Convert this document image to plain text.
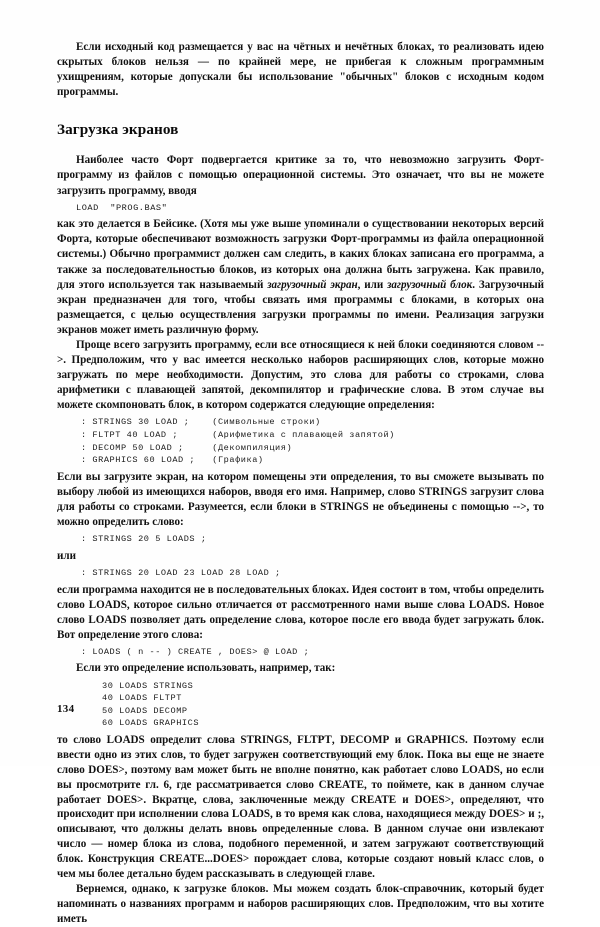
Если исходный код размещается у вас на чётных и нечётных блоках, то реализовать идею скрытых блоков нельзя — по крайней мере, не прибегая к сложным программным ухищрениям, которые допускали бы использование "обычных" блоков с исходным кодом программы.

Загрузка экранов

Наиболее часто Форт подвергается критике за то, что невозможно загрузить Форт-программу из файлов с помощью операционной системы. Это означает, что вы не можете загрузить программу, вводя

LOAD  "PROG.BAS"

как это делается в Бейсике. (Хотя мы уже выше упоминали о существовании некоторых версий Форта, которые обеспечивают возможность загрузки Форт-программы из файла операционной системы.) Обычно программист должен сам следить, в каких блоках записана его программа, а также за последовательностью блоков, из которых она должна быть загружена. Как правило, для этого используется так называемый загрузочный экран, или загрузочный блок. Загрузочный экран предназначен для того, чтобы связать имя программы с блоками, в которых она размещается, с целью осуществления загрузки программы по имени. Реализация загрузки экранов может иметь различную форму.

Проще всего загрузить программу, если все относящиеся к ней блоки соединяются словом -->. Предположим, что у вас имеется несколько наборов расширяющих слов, которые можно загружать по мере необходимости. Допустим, это слова для работы со строками, слова арифметики с плавающей запятой, декомпилятор и графические слова. В этом случае вы можете скомпоновать блок, в котором содержатся следующие определения:

: STRINGS 30 LOAD ;    (Символьные строки)
: FLTPT 40 LOAD ;      (Арифметика с плавающей запятой)
: DECOMP 50 LOAD ;     (Декомпиляция)
: GRAPHICS 60 LOAD ;   (Графика)

Если вы загрузите экран, на котором помещены эти определения, то вы сможете вызывать по выбору любой из имеющихся наборов, вводя его имя. Например, слово STRINGS загрузит слова для работы со строками. Разумеется, если блоки в STRINGS не объединены с помощью -->, то можно определить слово:

: STRINGS 20 5 LOADS ;

или

: STRINGS 20 LOAD 23 LOAD 28 LOAD ;

если программа находится не в последовательных блоках. Идея состоит в том, чтобы определить слово LOADS, которое сильно отличается от рассмотренного нами выше слова LOADS. Новое слово LOADS позволяет дать определение слова, которое после его ввода будет загружать блок. Вот определение этого слова:

: LOADS ( n -- ) CREATE , DOES> @ LOAD ;

Если это определение использовать, например, так:

30 LOADS STRINGS
40 LOADS FLTPT
50 LOADS DECOMP
60 LOADS GRAPHICS

то слово LOADS определит слова STRINGS, FLTPT, DECOMP и GRAPHICS. Поэтому если ввести одно из этих слов, то будет загружен соответствующий ему блок. Пока вы еще не знаете слово DOES>, поэтому вам может быть не вполне понятно, как работает слово LOADS, но если вы просмотрите гл. 6, где рассматривается слово CREATE, то поймете, как в данном случае работает DOES>. Вкратце, слова, заключенные между CREATE и DOES>, определяют, что происходит при исполнении слова LOADS, в то время как слова, находящиеся между DOES> и ;, описывают, что должны делать вновь определенные слова. В данном случае они извлекают число — номер блока из слова, подобного переменной, и затем загружают соответствующий блок. Конструкция CREATE...DOES> порождает слова, которые создают новый класс слов, о чем мы более детально будем рассказывать в следующей главе.

Вернемся, однако, к загрузке блоков. Мы можем создать блок-справочник, который будет напоминать о названиях программ и наборов расширяющих слов. Предположим, что вы хотите иметь

134
